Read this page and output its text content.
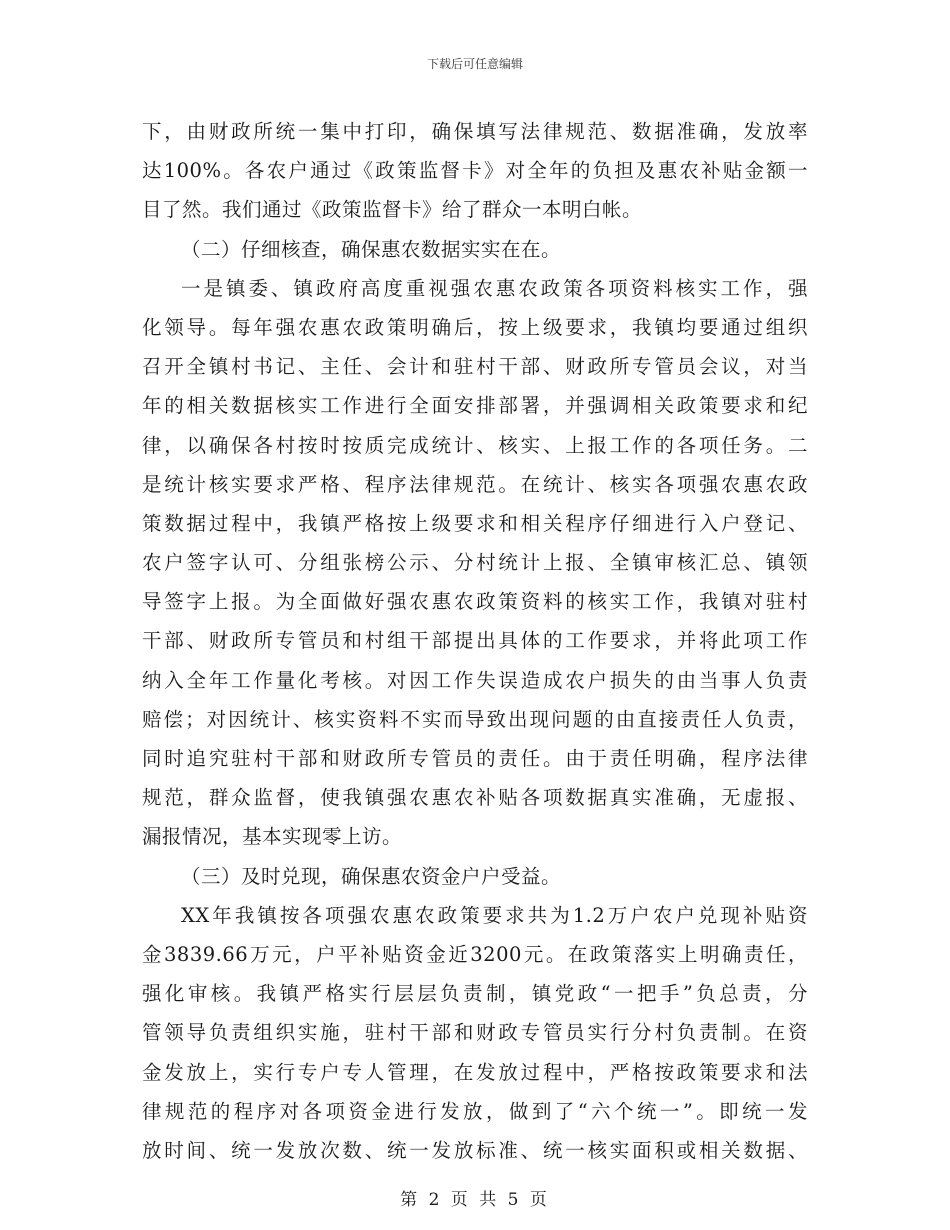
下载后可任意编辑
下，由财政所统一集中打印，确保填写法律规范、数据准确，发放率
达100%。各农户通过《政策监督卡》对全年的负担及惠农补贴金额一
目了然。我们通过《政策监督卡》给了群众一本明白帐。
（二）仔细核查，确保惠农数据实实在在。
一是镇委、镇政府高度重视强农惠农政策各项资料核实工作，强
化领导。每年强农惠农政策明确后，按上级要求，我镇均要通过组织
召开全镇村书记、主任、会计和驻村干部、财政所专管员会议，对当
年的相关数据核实工作进行全面安排部署，并强调相关政策要求和纪
律，以确保各村按时按质完成统计、核实、上报工作的各项任务。二
是统计核实要求严格、程序法律规范。在统计、核实各项强农惠农政
策数据过程中，我镇严格按上级要求和相关程序仔细进行入户登记、
农户签字认可、分组张榜公示、分村统计上报、全镇审核汇总、镇领
导签字上报。为全面做好强农惠农政策资料的核实工作，我镇对驻村
干部、财政所专管员和村组干部提出具体的工作要求，并将此项工作
纳入全年工作量化考核。对因工作失误造成农户损失的由当事人负责
赔偿；对因统计、核实资料不实而导致出现问题的由直接责任人负责，
同时追究驻村干部和财政所专管员的责任。由于责任明确，程序法律
规范，群众监督，使我镇强农惠农补贴各项数据真实准确，无虚报、
漏报情况，基本实现零上访。
（三）及时兑现，确保惠农资金户户受益。
XX年我镇按各项强农惠农政策要求共为1.2万户农户兑现补贴资
金3839.66万元，户平补贴资金近3200元。在政策落实上明确责任，
强化审核。我镇严格实行层层负责制，镇党政“一把手”负总责，分
管领导负责组织实施，驻村干部和财政专管员实行分村负责制。在资
金发放上，实行专户专人管理，在发放过程中，严格按政策要求和法
律规范的程序对各项资金进行发放，做到了“六个统一”。即统一发
放时间、统一发放次数、统一发放标准、统一核实面积或相关数据、
第 2 页 共 5 页
